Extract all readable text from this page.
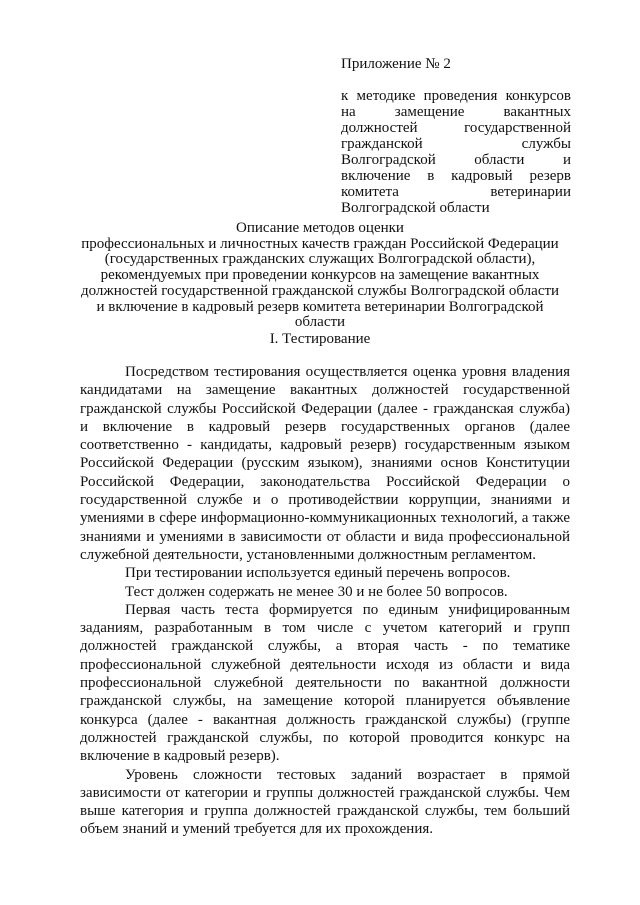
Приложение № 2

к методике проведения конкурсов

на замещение вакантных

должностей государственной

гражданской службы

Волгоградской области и

включение в кадровый резерв

комитета ветеринарии

Волгоградской области

Описание методов оценки
профессиональных и личностных качеств граждан Российской Федерации
(государственных гражданских служащих Волгоградской области),
рекомендуемых при проведении конкурсов на замещение вакантных
должностей государственной гражданской службы Волгоградской области
и включение в кадровый резерв комитета ветеринарии Волгоградской
области
I. Тестирование

Посредством тестирования осуществляется оценка уровня владения кандидатами на замещение вакантных должностей государственной гражданской службы Российской Федерации (далее - гражданская служба) и включение в кадровый резерв государственных органов (далее соответственно - кандидаты, кадровый резерв) государственным языком Российской Федерации (русским языком), знаниями основ Конституции Российской Федерации, законодательства Российской Федерации о государственной службе и о противодействии коррупции, знаниями и умениями в сфере информационно-коммуникационных технологий, а также знаниями и умениями в зависимости от области и вида профессиональной служебной деятельности, установленными должностным регламентом.

При тестировании используется единый перечень вопросов.

Тест должен содержать не менее 30 и не более 50 вопросов.

Первая часть теста формируется по единым унифицированным заданиям, разработанным в том числе с учетом категорий и групп должностей гражданской службы, а вторая часть - по тематике профессиональной служебной деятельности исходя из области и вида профессиональной служебной деятельности по вакантной должности гражданской службы, на замещение которой планируется объявление конкурса (далее - вакантная должность гражданской службы) (группе должностей гражданской службы, по которой проводится конкурс на включение в кадровый резерв).

Уровень сложности тестовых заданий возрастает в прямой зависимости от категории и группы должностей гражданской службы. Чем выше категория и группа должностей гражданской службы, тем больший объем знаний и умений требуется для их прохождения.
